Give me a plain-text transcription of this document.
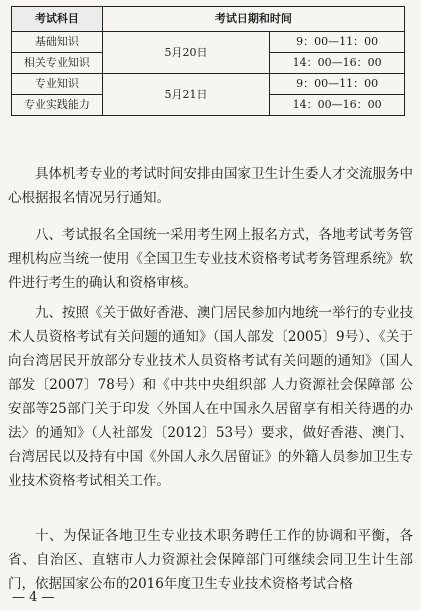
考试科目	考试日期和时间	
基础知识	5月20日	9：00—11：00
相关专业知识		14：00—16：00
专业知识	5月21日	9：00—11：00
专业实践能力		14：00—16：00

具体机考专业的考试时间安排由国家卫生计生委人才交流服务中心根据报名情况另行通知。

八、考试报名全国统一采用考生网上报名方式，各地考试考务管理机构应当统一使用《全国卫生专业技术资格考试考务管理系统》软件进行考生的确认和资格审核。

九、按照《关于做好香港、澳门居民参加内地统一举行的专业技术人员资格考试有关问题的通知》（国人部发〔2005〕9号）、《关于向台湾居民开放部分专业技术人员资格考试有关问题的通知》（国人部发〔2007〕78号）和《中共中央组织部 人力资源社会保障部 公安部等25部门关于印发〈外国人在中国永久居留享有相关待遇的办法〉的通知》（人社部发〔2012〕53号）要求，做好香港、澳门、台湾居民以及持有中国《外国人永久居留证》的外籍人员参加卫生专业技术资格考试相关工作。

十、为保证各地卫生专业技术职务聘任工作的协调和平衡，各省、自治区、直辖市人力资源社会保障部门可继续会同卫生计生部门，依据国家公布的2016年度卫生专业技术资格考试合格

— 4 —
